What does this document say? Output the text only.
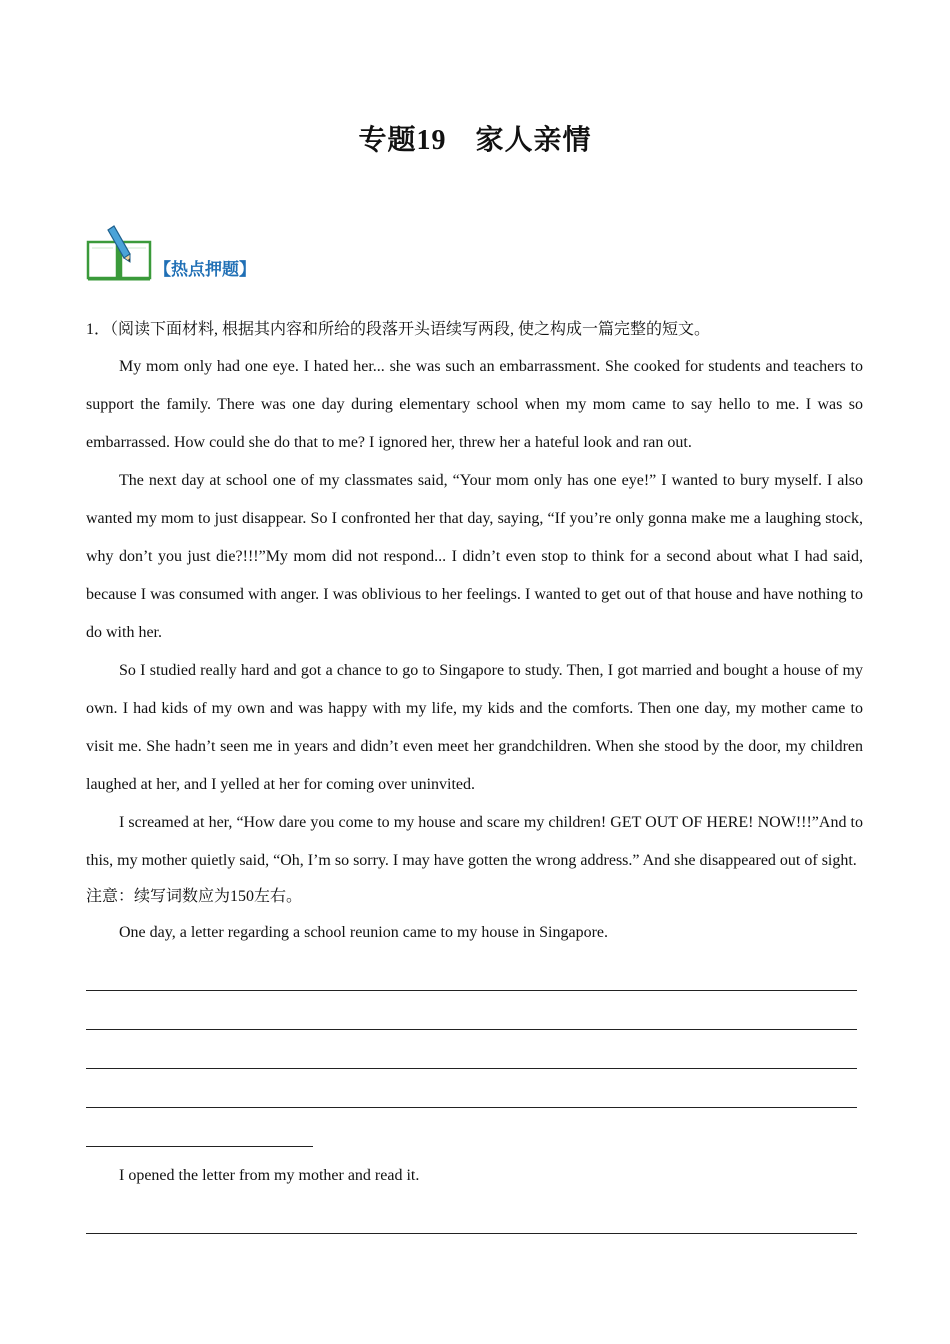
专题19　家人亲情
【热点押题】

1．（阅读下面材料, 根据其内容和所给的段落开头语续写两段, 使之构成一篇完整的短文。

My mom only had one eye. I hated her... she was such an embarrassment. She cooked for students and teachers to support the family. There was one day during elementary school when my mom came to say hello to me. I was so embarrassed. How could she do that to me? I ignored her, threw her a hateful look and ran out.

The next day at school one of my classmates said, “Your mom only has one eye!” I wanted to bury myself. I also wanted my mom to just disappear. So I confronted her that day, saying, “If you’re only gonna make me a laughing stock, why don’t you just die?!!!”My mom did not respond... I didn’t even stop to think for a second about what I had said, because I was consumed with anger. I was oblivious to her feelings. I wanted to get out of that house and have nothing to do with her.

So I studied really hard and got a chance to go to Singapore to study. Then, I got married and bought a house of my own. I had kids of my own and was happy with my life, my kids and the comforts. Then one day, my mother came to visit me. She hadn’t seen me in years and didn’t even meet her grandchildren. When she stood by the door, my children laughed at her, and I yelled at her for coming over uninvited.

I screamed at her, “How dare you come to my house and scare my children! GET OUT OF HERE! NOW!!!”And to this, my mother quietly said, “Oh, I’m so sorry. I may have gotten the wrong address.” And she disappeared out of sight.

注意：续写词数应为150左右。

One day, a letter regarding a school reunion came to my house in Singapore.

I opened the letter from my mother and read it.
